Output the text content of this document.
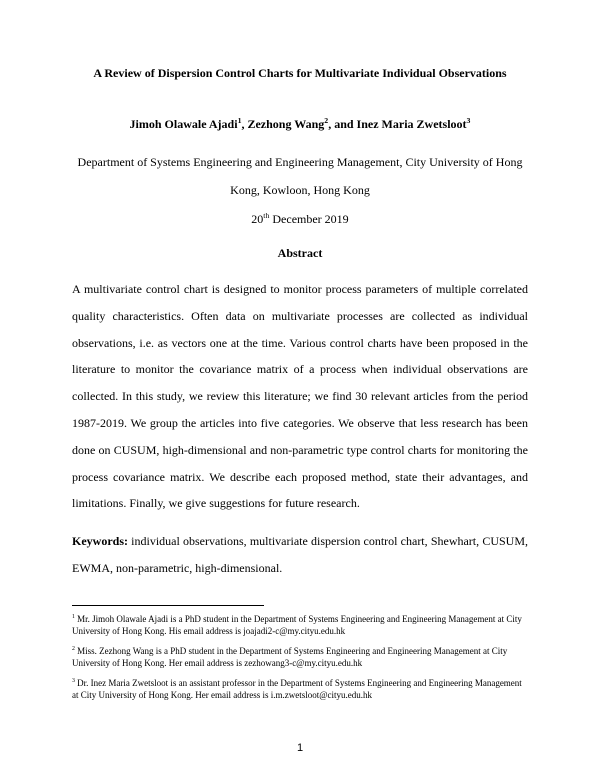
A Review of Dispersion Control Charts for Multivariate Individual Observations
Jimoh Olawale Ajadi$^1$, Zezhong Wang$^2$, and Inez Maria Zwetsloot$^3$
Department of Systems Engineering and Engineering Management, City University of Hong Kong, Kowloon, Hong Kong
20th December 2019
Abstract

A multivariate control chart is designed to monitor process parameters of multiple correlated quality characteristics. Often data on multivariate processes are collected as individual observations, i.e. as vectors one at the time. Various control charts have been proposed in the literature to monitor the covariance matrix of a process when individual observations are collected. In this study, we review this literature; we find 30 relevant articles from the period 1987-2019. We group the articles into five categories. We observe that less research has been done on CUSUM, high-dimensional and non-parametric type control charts for monitoring the process covariance matrix. We describe each proposed method, state their advantages, and limitations. Finally, we give suggestions for future research.

Keywords: individual observations, multivariate dispersion control chart, Shewhart, CUSUM, EWMA, non-parametric, high-dimensional.

$^1$ Mr. Jimoh Olawale Ajadi is a PhD student in the Department of Systems Engineering and Engineering Management at City University of Hong Kong. His email address is joajadi2-c@my.cityu.edu.hk

$^2$ Miss. Zezhong Wang is a PhD student in the Department of Systems Engineering and Engineering Management at City University of Hong Kong. Her email address is zezhowang3-c@my.cityu.edu.hk

$^3$ Dr. Inez Maria Zwetsloot is an assistant professor in the Department of Systems Engineering and Engineering Management at City University of Hong Kong. Her email address is i.m.zwetsloot@cityu.edu.hk

1
